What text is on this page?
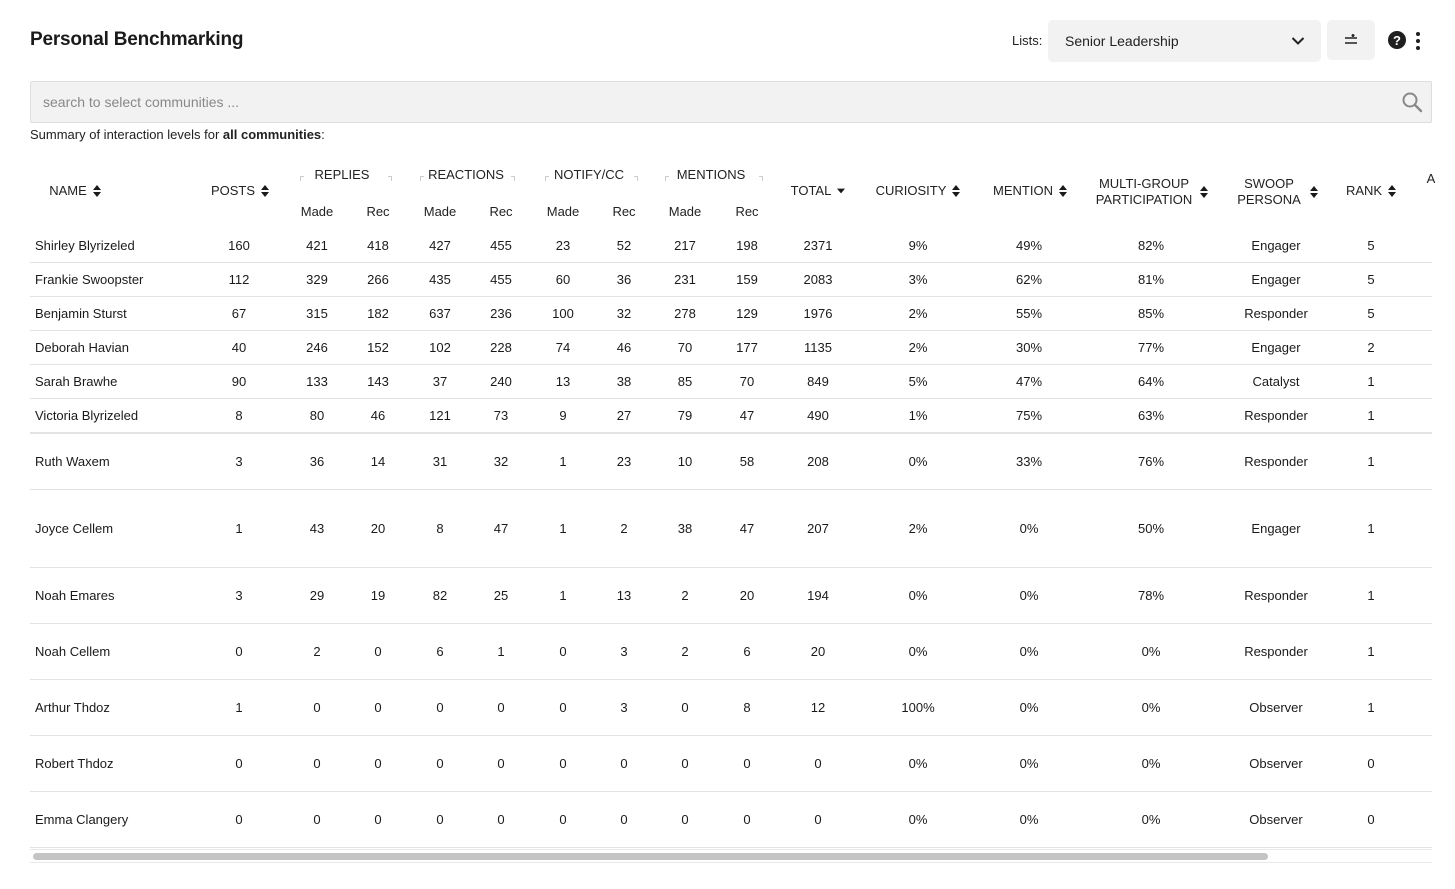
Personal Benchmarking	Lists: Senior Leadership	?
search to select communities ...
Summary of interaction levels for all communities:
NAME	POSTS
REPLIES	REACTIONS	NOTIFY/CC	MENTIONS
TOTAL	CURIOSITY	MENTION	MULTI-GROUP PARTICIPATION
SWOOP PERSONA
RANK
A
Made	Rec	Made	Rec	Made	Rec	Made	Rec
Shirley Blyrizeled	160	421	418	427	455	23	52	217	198	2371	9%	49%	82%	Engager	5
Frankie Swoopster	112	329	266	435	455	60	36	231	159	2083	3%	62%	81%	Engager	5
Benjamin Sturst	67	315	182	637	236	100	32	278	129	1976	2%	55%	85%	Responder	5
Deborah Havian	40	246	152	102	228	74	46	70	177	1135	2%	30%	77%	Engager	2
Sarah Brawhe	90	133	143	37	240	13	38	85	70	849	5%	47%	64%	Catalyst	1
Victoria Blyrizeled	8	80	46	121	73	9	27	79	47	490	1%	75%	63%	Responder	1
Ruth Waxem	3	36	14	31	32	1	23	10	58	208	0%	33%	76%	Responder	1
Joyce Cellem	1	43	20	8	47	1	2	38	47	207	2%	0%	50%	Engager	1
Noah Emares	3	29	19	82	25	1	13	2	20	194	0%	0%	78%	Responder	1
Noah Cellem	0	2	0	6	1	0	3	2	6	20	0%	0%	0%	Responder	1
Arthur Thdoz	1	0	0	0	0	0	3	0	8	12	100%	0%	0%	Observer	1
Robert Thdoz	0	0	0	0	0	0	0	0	0	0	0%	0%	0%	Observer	0
Emma Clangery	0	0	0	0	0	0	0	0	0	0	0%	0%	0%	Observer	0
